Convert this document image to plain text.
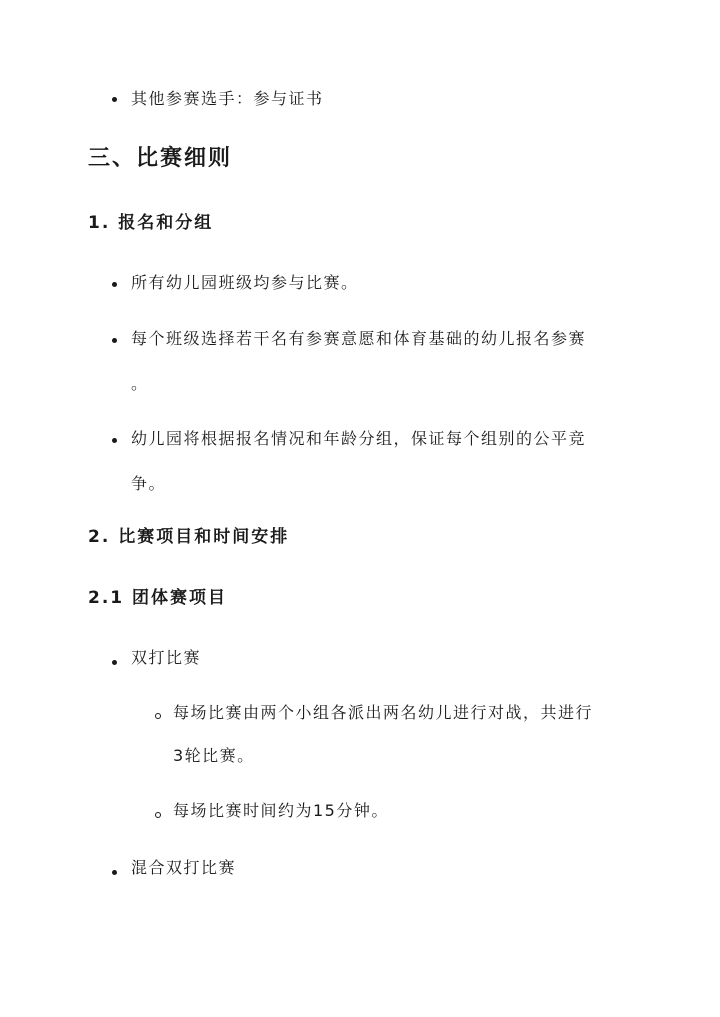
其他参赛选手：参与证书
三、比赛细则
1. 报名和分组
所有幼儿园班级均参与比赛。
每个班级选择若干名有参赛意愿和体育基础的幼儿报名参赛
。
幼儿园将根据报名情况和年龄分组，保证每个组别的公平竞
争。
2. 比赛项目和时间安排
2.1 团体赛项目
双打比赛
每场比赛由两个小组各派出两名幼儿进行对战，共进行
3轮比赛。
每场比赛时间约为15分钟。
混合双打比赛
